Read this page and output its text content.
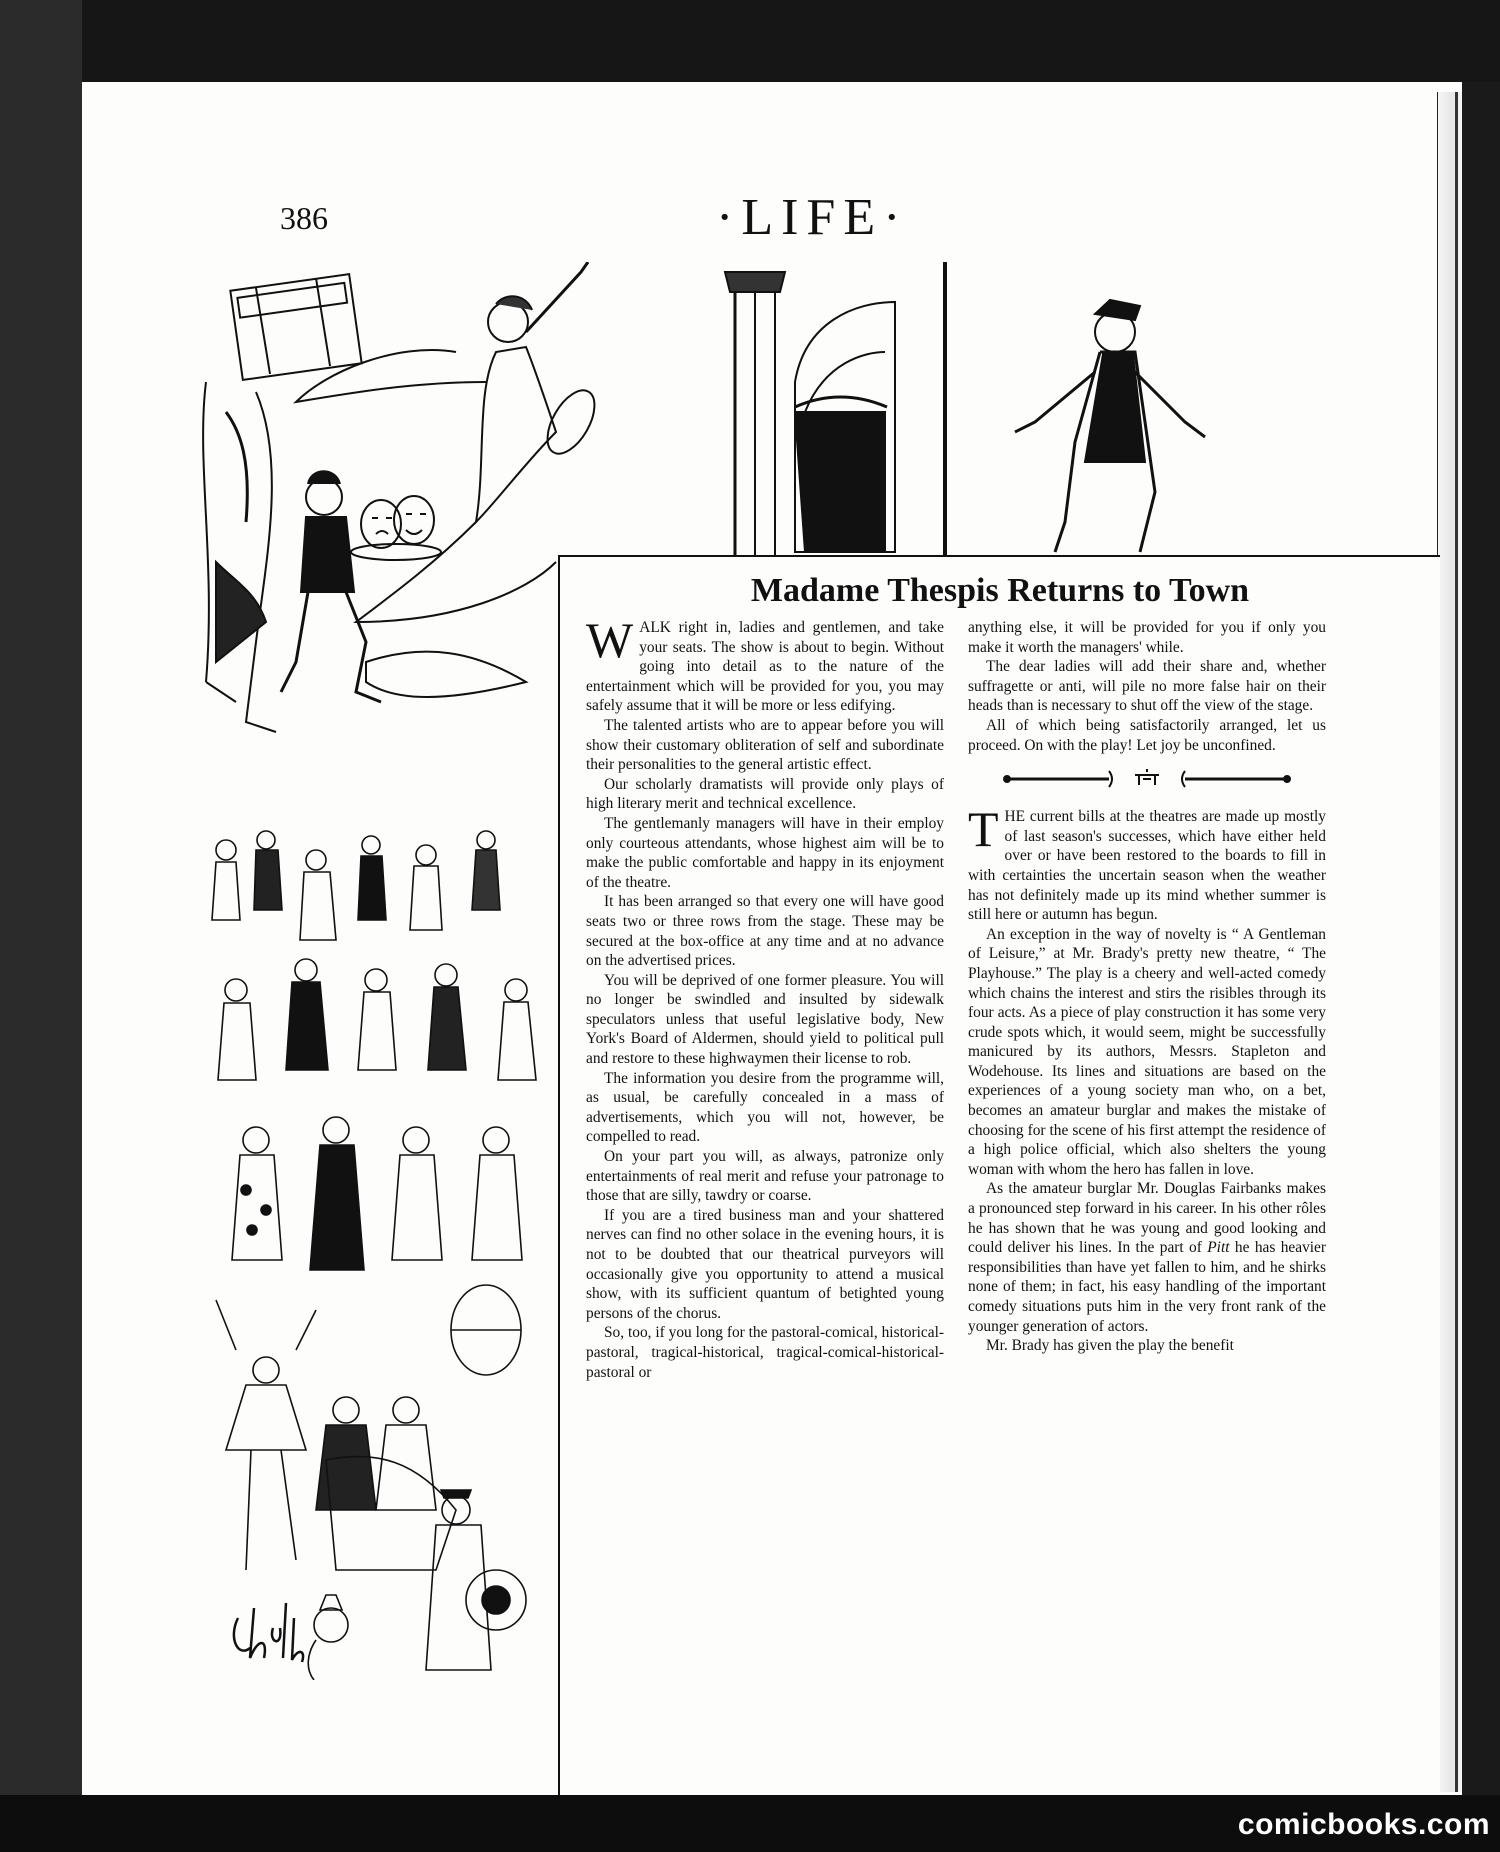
386	·LIFE·
Madame Thespis Returns to Town

WALK right in, ladies and gentlemen, and take your seats. The show is about to begin. Without going into detail as to the nature of the entertainment which will be provided for you, you may safely assume that it will be more or less edifying.

The talented artists who are to appear before you will show their customary obliteration of self and subordinate their personalities to the general artistic effect.

Our scholarly dramatists will provide only plays of high literary merit and technical excellence.

The gentlemanly managers will have in their employ only courteous attendants, whose highest aim will be to make the public comfortable and happy in its enjoyment of the theatre.

It has been arranged so that every one will have good seats two or three rows from the stage. These may be secured at the box-office at any time and at no advance on the advertised prices.

You will be deprived of one former pleasure. You will no longer be swindled and insulted by sidewalk speculators unless that useful legislative body, New York's Board of Aldermen, should yield to political pull and restore to these highwaymen their license to rob.

The information you desire from the programme will, as usual, be carefully concealed in a mass of advertisements, which you will not, however, be compelled to read.

On your part you will, as always, patronize only entertainments of real merit and refuse your patronage to those that are silly, tawdry or coarse.

If you are a tired business man and your shattered nerves can find no other solace in the evening hours, it is not to be doubted that our theatrical purveyors will occasionally give you opportunity to attend a musical show, with its sufficient quantum of betighted young persons of the chorus.

So, too, if you long for the pastoral-comical, historical-pastoral, tragical-historical, tragical-comical-historical-pastoral or

anything else, it will be provided for you if only you make it worth the managers' while.

The dear ladies will add their share and, whether suffragette or anti, will pile no more false hair on their heads than is necessary to shut off the view of the stage.

All of which being satisfactorily arranged, let us proceed. On with the play! Let joy be unconfined.

THE current bills at the theatres are made up mostly of last season's successes, which have either held over or have been restored to the boards to fill in with certainties the uncertain season when the weather has not definitely made up its mind whether summer is still here or autumn has begun.

An exception in the way of novelty is “ A Gentleman of Leisure,” at Mr. Brady's pretty new theatre, “ The Playhouse.” The play is a cheery and well-acted comedy which chains the interest and stirs the risibles through its four acts. As a piece of play construction it has some very crude spots which, it would seem, might be successfully manicured by its authors, Messrs. Stapleton and Wodehouse. Its lines and situations are based on the experiences of a young society man who, on a bet, becomes an amateur burglar and makes the mistake of choosing for the scene of his first attempt the residence of a high police official, which also shelters the young woman with whom the hero has fallen in love.

As the amateur burglar Mr. Douglas Fairbanks makes a pronounced step forward in his career. In his other rôles he has shown that he was young and good looking and could deliver his lines. In the part of Pitt he has heavier responsibilities than have yet fallen to him, and he shirks none of them; in fact, his easy handling of the important comedy situations puts him in the very front rank of the younger generation of actors.

Mr. Brady has given the play the benefit

comicbooks.com
